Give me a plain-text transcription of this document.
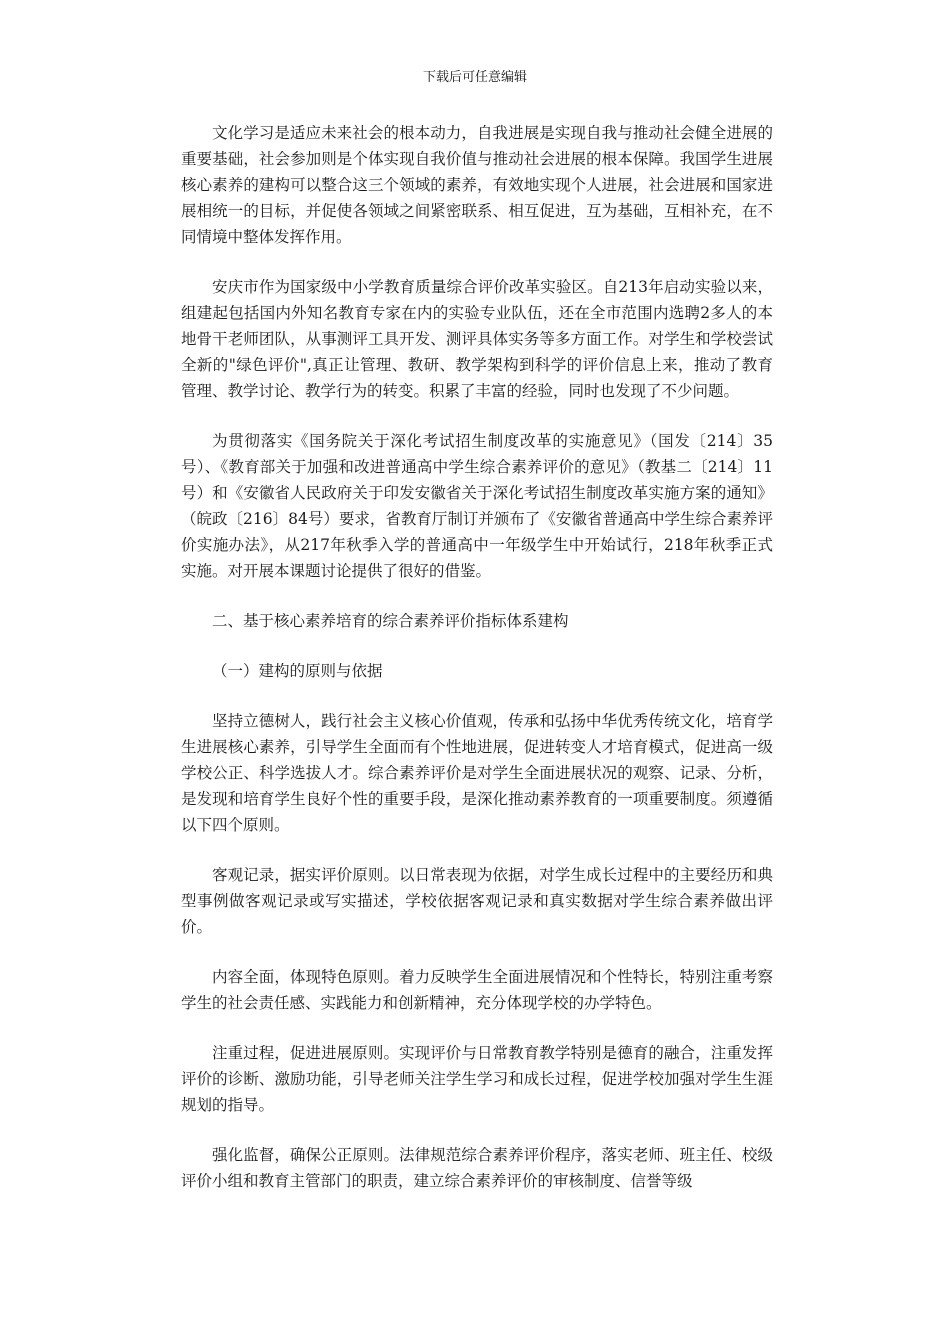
下载后可任意编辑

文化学习是适应未来社会的根本动力，自我进展是实现自我与推动社会健全进展的重要基础，社会参加则是个体实现自我价值与推动社会进展的根本保障。我国学生进展核心素养的建构可以整合这三个领域的素养，有效地实现个人进展，社会进展和国家进展相统一的目标，并促使各领域之间紧密联系、相互促进，互为基础，互相补充，在不同情境中整体发挥作用。

安庆市作为国家级中小学教育质量综合评价改革实验区。自213年启动实验以来，组建起包括国内外知名教育专家在内的实验专业队伍，还在全市范围内选聘2多人的本地骨干老师团队，从事测评工具开发、测评具体实务等多方面工作。对学生和学校尝试全新的"绿色评价",真正让管理、教研、教学架构到科学的评价信息上来，推动了教育管理、教学讨论、教学行为的转变。积累了丰富的经验，同时也发现了不少问题。

为贯彻落实《国务院关于深化考试招生制度改革的实施意见》（国发〔214〕35号）、《教育部关于加强和改进普通高中学生综合素养评价的意见》（教基二〔214〕11号）和《安徽省人民政府关于印发安徽省关于深化考试招生制度改革实施方案的通知》（皖政〔216〕84号）要求，省教育厅制订并颁布了《安徽省普通高中学生综合素养评价实施办法》，从217年秋季入学的普通高中一年级学生中开始试行，218年秋季正式实施。对开展本课题讨论提供了很好的借鉴。

二、基于核心素养培育的综合素养评价指标体系建构

（一）建构的原则与依据

坚持立德树人，践行社会主义核心价值观，传承和弘扬中华优秀传统文化，培育学生进展核心素养，引导学生全面而有个性地进展，促进转变人才培育模式，促进高一级学校公正、科学选拔人才。综合素养评价是对学生全面进展状况的观察、记录、分析，是发现和培育学生良好个性的重要手段，是深化推动素养教育的一项重要制度。须遵循以下四个原则。

客观记录，据实评价原则。以日常表现为依据，对学生成长过程中的主要经历和典型事例做客观记录或写实描述，学校依据客观记录和真实数据对学生综合素养做出评价。

内容全面，体现特色原则。着力反映学生全面进展情况和个性特长，特别注重考察学生的社会责任感、实践能力和创新精神，充分体现学校的办学特色。

注重过程，促进进展原则。实现评价与日常教育教学特别是德育的融合，注重发挥评价的诊断、激励功能，引导老师关注学生学习和成长过程，促进学校加强对学生生涯规划的指导。

强化监督，确保公正原则。法律规范综合素养评价程序，落实老师、班主任、校级评价小组和教育主管部门的职责，建立综合素养评价的审核制度、信誉等级
